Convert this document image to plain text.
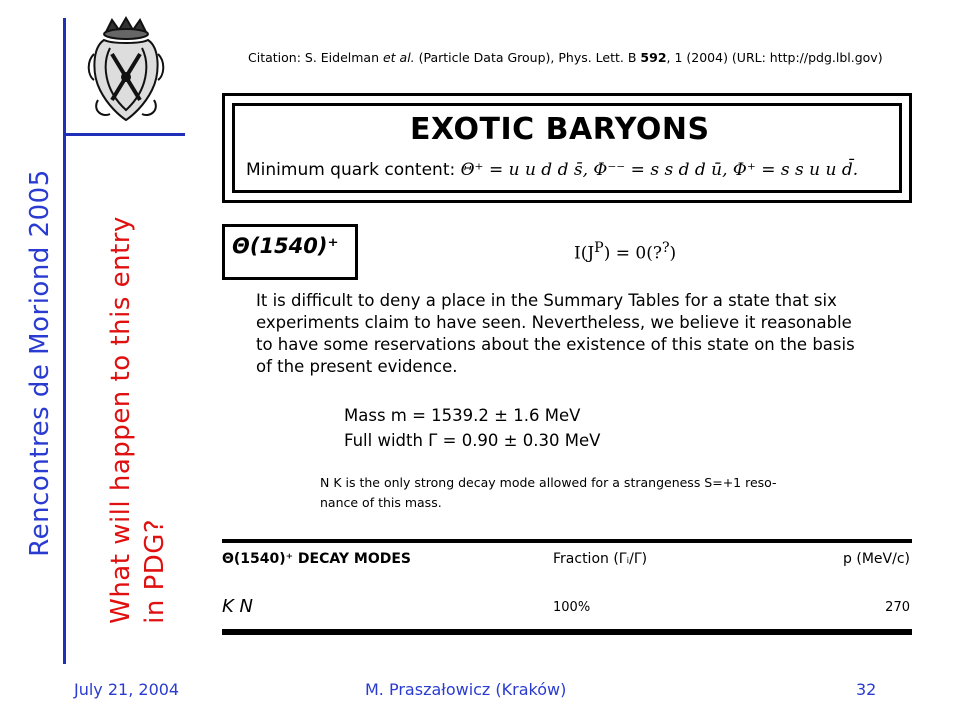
Rencontres de Moriond 2005 What will happen to this entry in PDG?
Citation: S. Eidelman et al. (Particle Data Group), Phys. Lett. B 592, 1 (2004) (URL: http://pdg.lbl.gov)
EXOTIC BARYONS
Minimum quark content: Θ⁺ = u u d d s̄, Φ⁻⁻ = s s d d ū, Φ⁺ = s s u u d̄.
Θ(1540)⁺	$I(J^P)$ = 0(??)
It is difficult to deny a place in the Summary Tables for a state that six
experiments claim to have seen. Nevertheless, we believe it reasonable
to have some reservations about the existence of this state on the basis
of the present evidence.
Mass m = 1539.2 ± 1.6 MeV
Full width Γ = 0.90 ± 0.30 MeV
N K is the only strong decay mode allowed for a strangeness S=+1 reso-
nance of this mass.
Θ(1540)⁺ DECAY MODES	Fraction (Γᵢ/Γ)	p (MeV/c)
K N	100%	270
July 21, 2004	M. Praszałowicz (Kraków)	32
